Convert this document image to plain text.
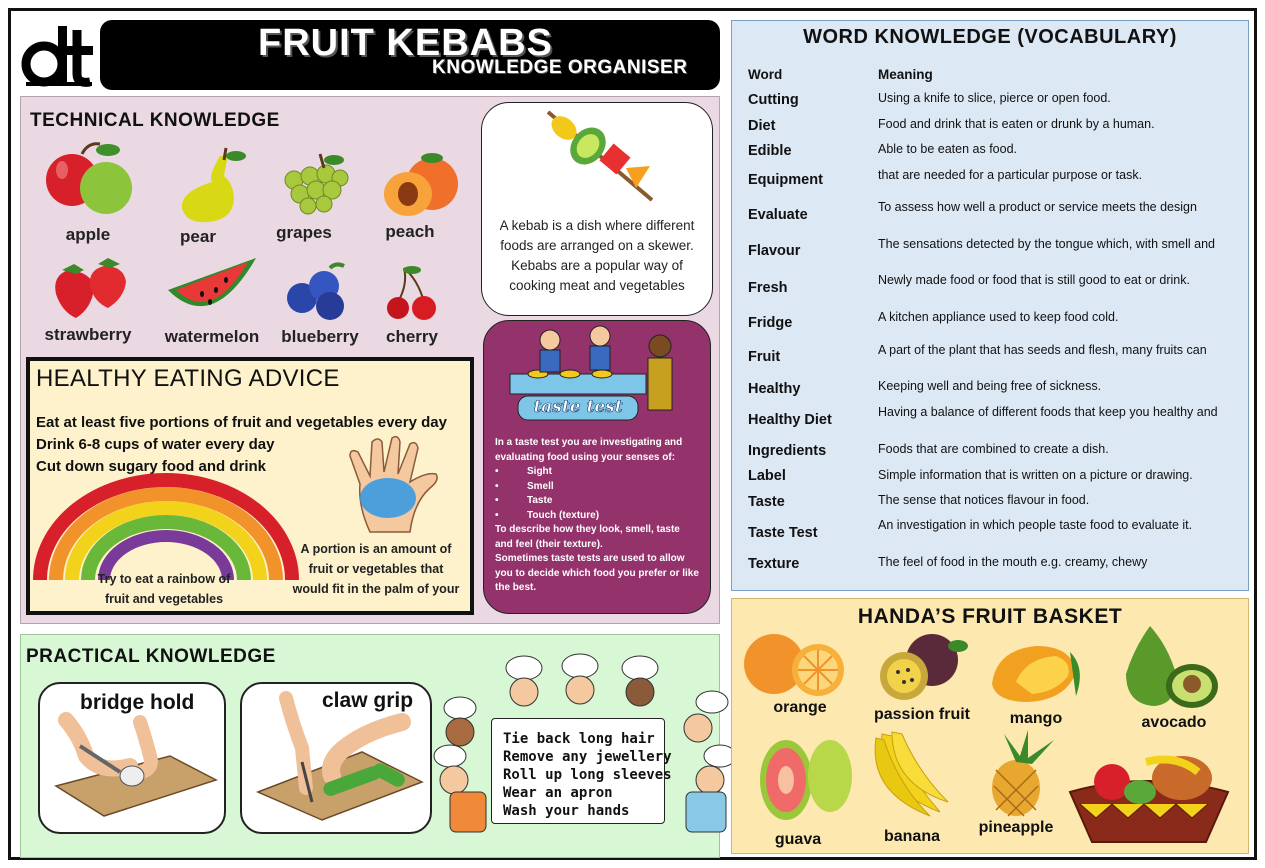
FRUIT KEBABS
KNOWLEDGE ORGANISER
TECHNICAL KNOWLEDGE
apple	pear	grapes	peach
strawberry	watermelon	blueberry	cherry
A kebab is a dish where different
foods are arranged on a skewer.
Kebabs are a popular way of
cooking meat and vegetables
taste test
In a taste test you are investigating and evaluating food using your senses of:
•	Sight
•	Smell
•	Taste
•	Touch (texture)
To describe how they look, smell, taste and feel (their texture).
Sometimes taste tests are used to allow you to decide which food you prefer or like the best.
HEALTHY EATING ADVICE
Eat at least five portions of fruit and vegetables every day
Drink 6-8 cups of water every day
Cut down sugary food and drink
Try to eat a rainbow of
fruit and vegetables
A portion is an amount of
fruit or vegetables that
would fit in the palm of your
WORD KNOWLEDGE (VOCABULARY)
Word	Meaning
Cutting	Using a knife to slice, pierce or open food.
Diet	Food and drink that is eaten or drunk by a human.
Edible	Able to be eaten as food.
Equipment	that are needed for a particular purpose or task.
Evaluate	To assess how well a product or service meets the design
Flavour	The sensations detected by the tongue which, with smell and
Fresh	Newly made food or food that is still good to eat or drink.
Fridge	A kitchen appliance used to keep food cold.
Fruit	A part of the plant that has seeds and flesh, many fruits can
Healthy	Keeping well and being free of sickness.
Healthy Diet	Having a balance of different foods that keep you healthy and
Ingredients	Foods that are combined to create a dish.
Label	Simple information that is written on a picture or drawing.
Taste	The sense that notices flavour in food.
Taste Test	An investigation in which people taste food to evaluate it.
Texture	The feel of food in the mouth e.g. creamy, chewy
PRACTICAL KNOWLEDGE
bridge hold	claw grip
Tie back long hair
Remove any jewellery
Roll up long sleeves
Wear an apron
Wash your hands
HANDA’S FRUIT BASKET
orange	passion fruit	mango	avocado
guava	banana
pineapple
